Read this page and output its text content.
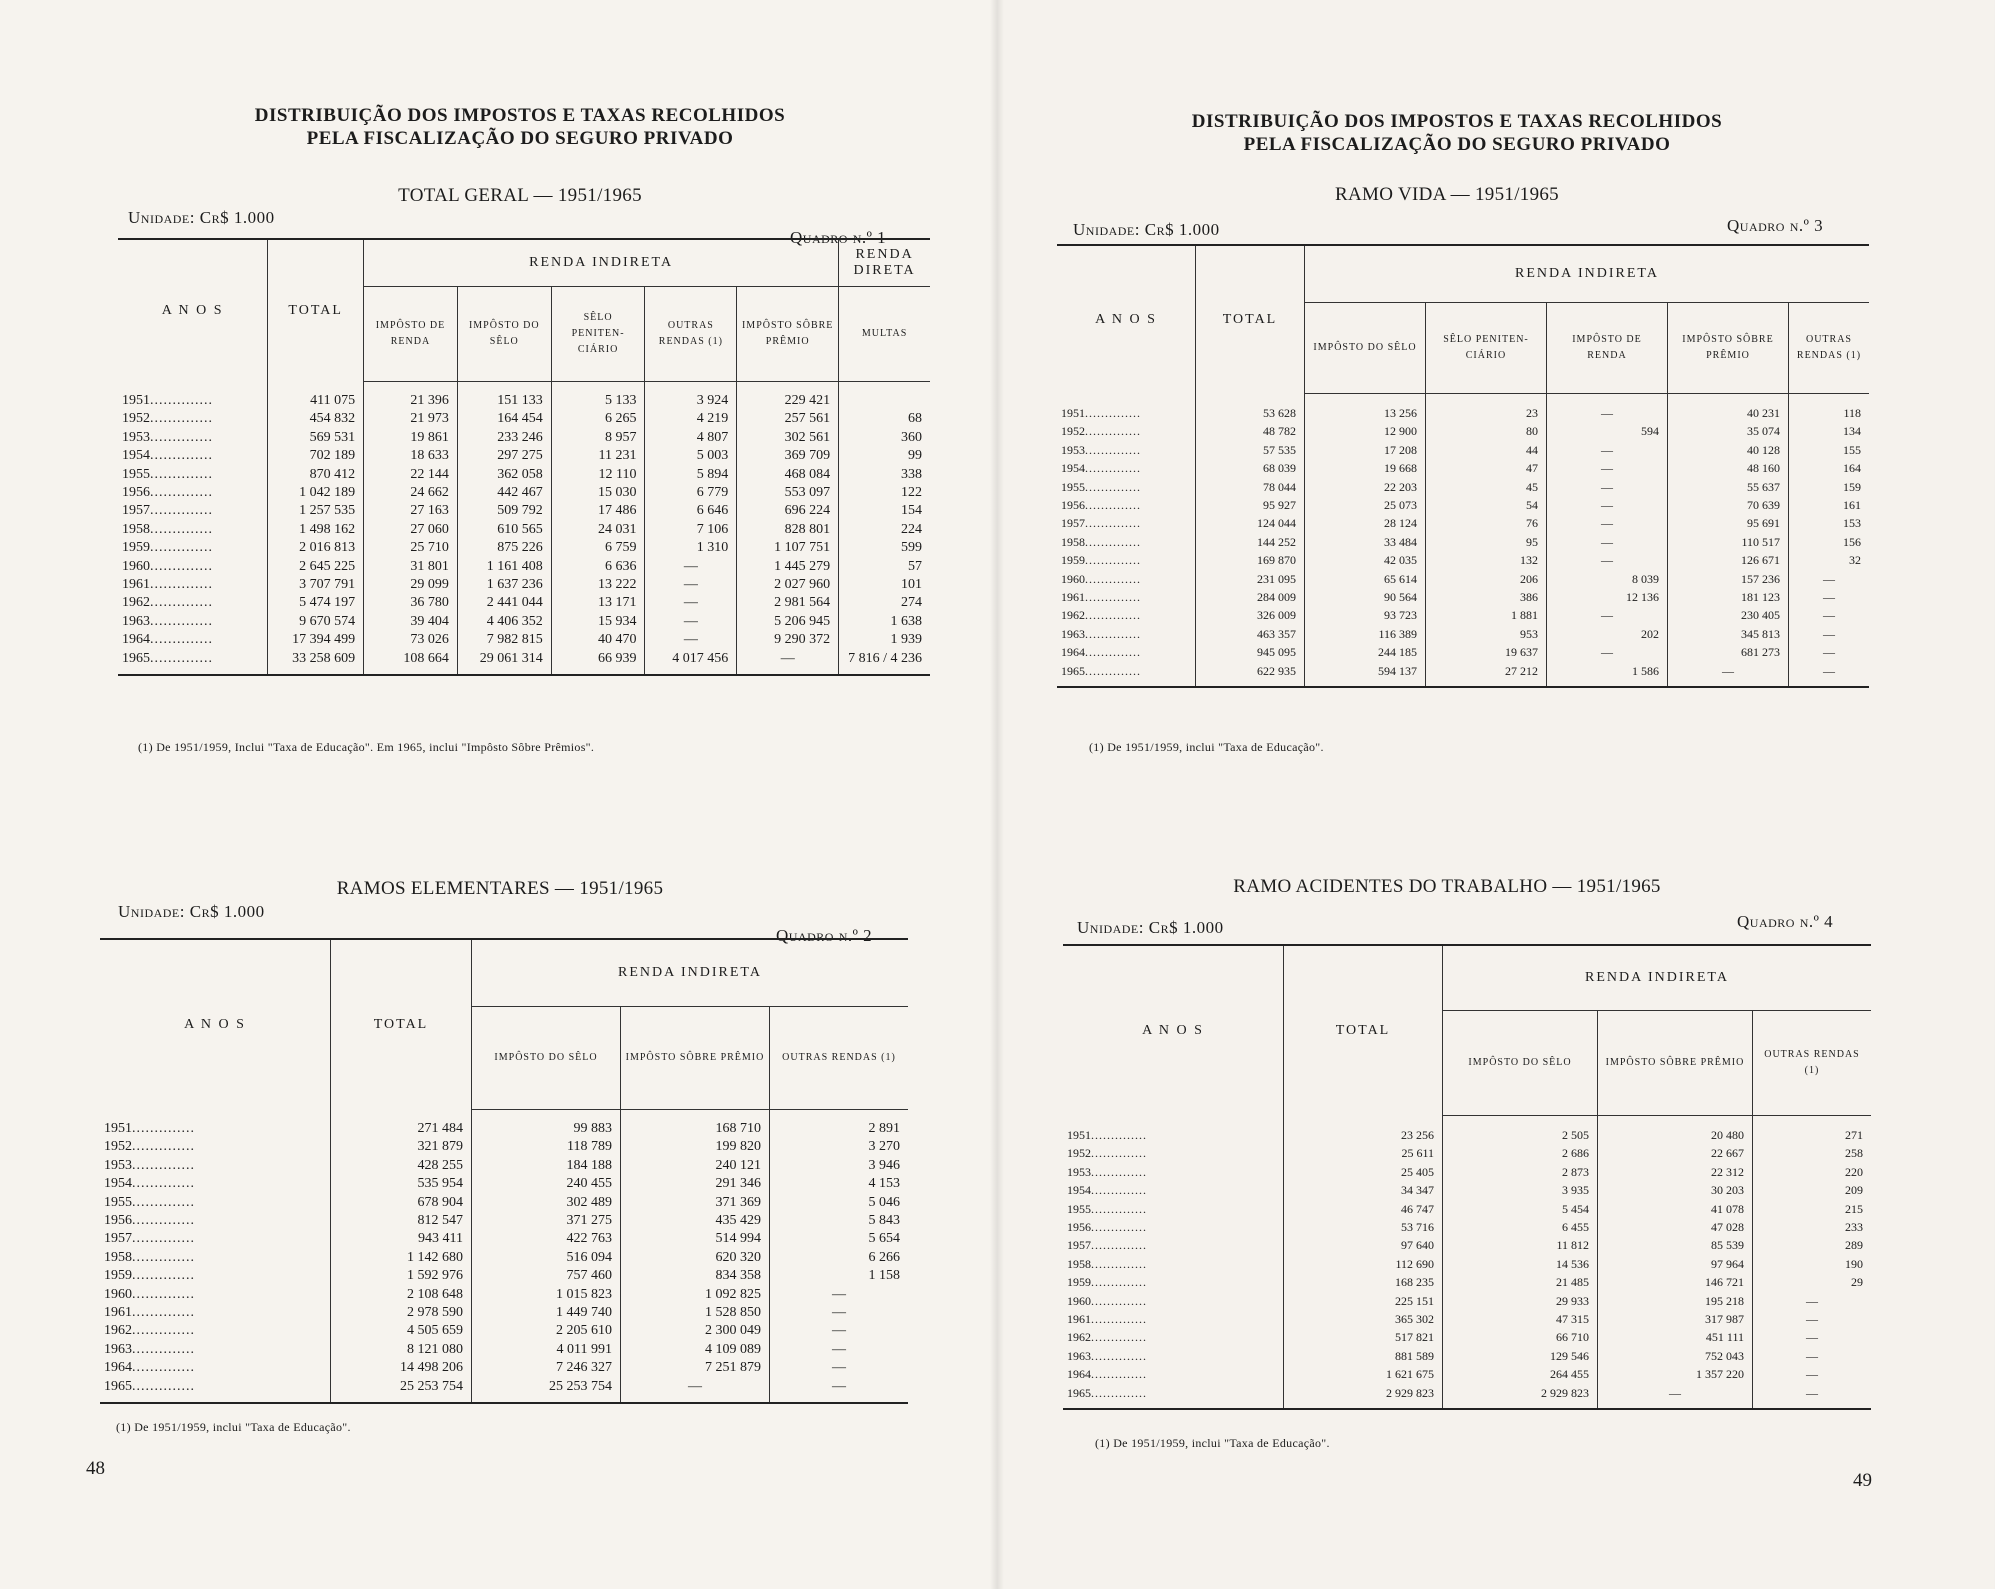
DISTRIBUIÇÃO DOS IMPOSTOS E TAXAS RECOLHIDOS
PELA FISCALIZAÇÃO DO SEGURO PRIVADO
TOTAL GERAL — 1951/1965
Unidade: Cr$ 1.000
Quadro n.º 1
A N O S	TOTAL	RENDA INDIRETA					RENDA DIRETA
		IMPÔSTO DE RENDA	IMPÔSTO DO SÊLO	SÊLO PENITEN-CIÁRIO	OUTRAS RENDAS (1)	IMPÔSTO SÔBRE PRÊMIO	MULTAS
1951..............	411 075	21 396	151 133	5 133	3 924	229 421	
1952..............	454 832	21 973	164 454	6 265	4 219	257 561	68
1953..............	569 531	19 861	233 246	8 957	4 807	302 561	360
1954..............	702 189	18 633	297 275	11 231	5 003	369 709	99
1955..............	870 412	22 144	362 058	12 110	5 894	468 084	338
1956..............	1 042 189	24 662	442 467	15 030	6 779	553 097	122
1957..............	1 257 535	27 163	509 792	17 486	6 646	696 224	154
1958..............	1 498 162	27 060	610 565	24 031	7 106	828 801	224
1959..............	2 016 813	25 710	875 226	6 759	1 310	1 107 751	599
1960..............	2 645 225	31 801	1 161 408	6 636	—	1 445 279	57
1961..............	3 707 791	29 099	1 637 236	13 222	—	2 027 960	101
1962..............	5 474 197	36 780	2 441 044	13 171	—	2 981 564	274
1963..............	9 670 574	39 404	4 406 352	15 934	—	5 206 945	1 638
1964..............	17 394 499	73 026	7 982 815	40 470	—	9 290 372	1 939
1965..............	33 258 609	108 664	29 061 314	66 939	4 017 456	—	7 816 / 4 236

(1) De 1951/1959, Inclui "Taxa de Educação". Em 1965, inclui "Impôsto Sôbre Prêmios".
RAMOS ELEMENTARES — 1951/1965
Unidade: Cr$ 1.000
Quadro n.º 2
A N O S	TOTAL	RENDA INDIRETA		
		IMPÔSTO DO SÊLO	IMPÔSTO SÔBRE PRÊMIO	OUTRAS RENDAS (1)
1951..............	271 484	99 883	168 710	2 891
1952..............	321 879	118 789	199 820	3 270
1953..............	428 255	184 188	240 121	3 946
1954..............	535 954	240 455	291 346	4 153
1955..............	678 904	302 489	371 369	5 046
1956..............	812 547	371 275	435 429	5 843
1957..............	943 411	422 763	514 994	5 654
1958..............	1 142 680	516 094	620 320	6 266
1959..............	1 592 976	757 460	834 358	1 158
1960..............	2 108 648	1 015 823	1 092 825	—
1961..............	2 978 590	1 449 740	1 528 850	—
1962..............	4 505 659	2 205 610	2 300 049	—
1963..............	8 121 080	4 011 991	4 109 089	—
1964..............	14 498 206	7 246 327	7 251 879	—
1965..............	25 253 754	25 253 754	—	—

(1) De 1951/1959, inclui "Taxa de Educação".
48
DISTRIBUIÇÃO DOS IMPOSTOS E TAXAS RECOLHIDOS
PELA FISCALIZAÇÃO DO SEGURO PRIVADO
RAMO VIDA — 1951/1965
Unidade: Cr$ 1.000	Quadro n.º 3
A N O S	TOTAL	RENDA INDIRETA				
		IMPÔSTO DO SÊLO	SÊLO PENITEN-CIÁRIO	IMPÔSTO DE RENDA	IMPÔSTO SÔBRE PRÊMIO	OUTRAS RENDAS (1)
1951..............	53 628	13 256	23	—	40 231	118
1952..............	48 782	12 900	80	594	35 074	134
1953..............	57 535	17 208	44	—	40 128	155
1954..............	68 039	19 668	47	—	48 160	164
1955..............	78 044	22 203	45	—	55 637	159
1956..............	95 927	25 073	54	—	70 639	161
1957..............	124 044	28 124	76	—	95 691	153
1958..............	144 252	33 484	95	—	110 517	156
1959..............	169 870	42 035	132	—	126 671	32
1960..............	231 095	65 614	206	8 039	157 236	—
1961..............	284 009	90 564	386	12 136	181 123	—
1962..............	326 009	93 723	1 881	—	230 405	—
1963..............	463 357	116 389	953	202	345 813	—
1964..............	945 095	244 185	19 637	—	681 273	—
1965..............	622 935	594 137	27 212	1 586	—	—

(1) De 1951/1959, inclui "Taxa de Educação".
RAMO ACIDENTES DO TRABALHO — 1951/1965
Unidade: Cr$ 1.000	Quadro n.º 4
A N O S	TOTAL	RENDA INDIRETA		
		IMPÔSTO DO SÊLO	IMPÔSTO SÔBRE PRÊMIO	OUTRAS RENDAS (1)
1951..............	23 256	2 505	20 480	271
1952..............	25 611	2 686	22 667	258
1953..............	25 405	2 873	22 312	220
1954..............	34 347	3 935	30 203	209
1955..............	46 747	5 454	41 078	215
1956..............	53 716	6 455	47 028	233
1957..............	97 640	11 812	85 539	289
1958..............	112 690	14 536	97 964	190
1959..............	168 235	21 485	146 721	29
1960..............	225 151	29 933	195 218	—
1961..............	365 302	47 315	317 987	—
1962..............	517 821	66 710	451 111	—
1963..............	881 589	129 546	752 043	—
1964..............	1 621 675	264 455	1 357 220	—
1965..............	2 929 823	2 929 823	—	—

(1) De 1951/1959, inclui "Taxa de Educação".
49
